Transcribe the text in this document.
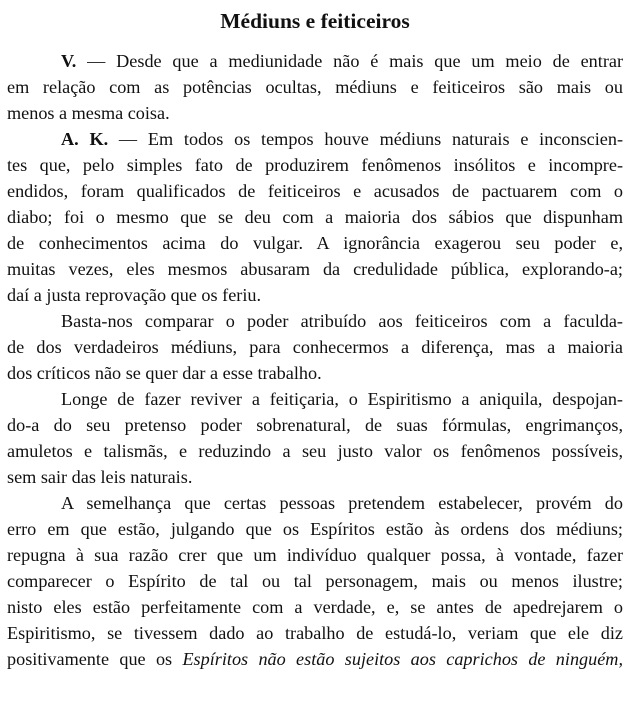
Médiuns e feiticeiros

V. — Desde que a mediunidade não é mais que um meio de entrar
em relação com as potências ocultas, médiuns e feiticeiros são mais ou
menos a mesma coisa.

A. K. — Em todos os tempos houve médiuns naturais e inconscien-
tes que, pelo simples fato de produzirem fenômenos insólitos e incompre-
endidos, foram qualificados de feiticeiros e acusados de pactuarem com o
diabo; foi o mesmo que se deu com a maioria dos sábios que dispunham
de conhecimentos acima do vulgar. A ignorância exagerou seu poder e,
muitas vezes, eles mesmos abusaram da credulidade pública, explorando-a;
daí a justa reprovação que os feriu.

Basta-nos comparar o poder atribuído aos feiticeiros com a faculda-
de dos verdadeiros médiuns, para conhecermos a diferença, mas a maioria
dos críticos não se quer dar a esse trabalho.

Longe de fazer reviver a feitiçaria, o Espiritismo a aniquila, despojan-
do-a do seu pretenso poder sobrenatural, de suas fórmulas, engrimanços,
amuletos e talismãs, e reduzindo a seu justo valor os fenômenos possíveis,
sem sair das leis naturais.

A semelhança que certas pessoas pretendem estabelecer, provém do
erro em que estão, julgando que os Espíritos estão às ordens dos médiuns;
repugna à sua razão crer que um indivíduo qualquer possa, à vontade, fazer
comparecer o Espírito de tal ou tal personagem, mais ou menos ilustre;
nisto eles estão perfeitamente com a verdade, e, se antes de apedrejarem o
Espiritismo, se tivessem dado ao trabalho de estudá-lo, veriam que ele diz
positivamente que os Espíritos não estão sujeitos aos caprichos de ninguém,
